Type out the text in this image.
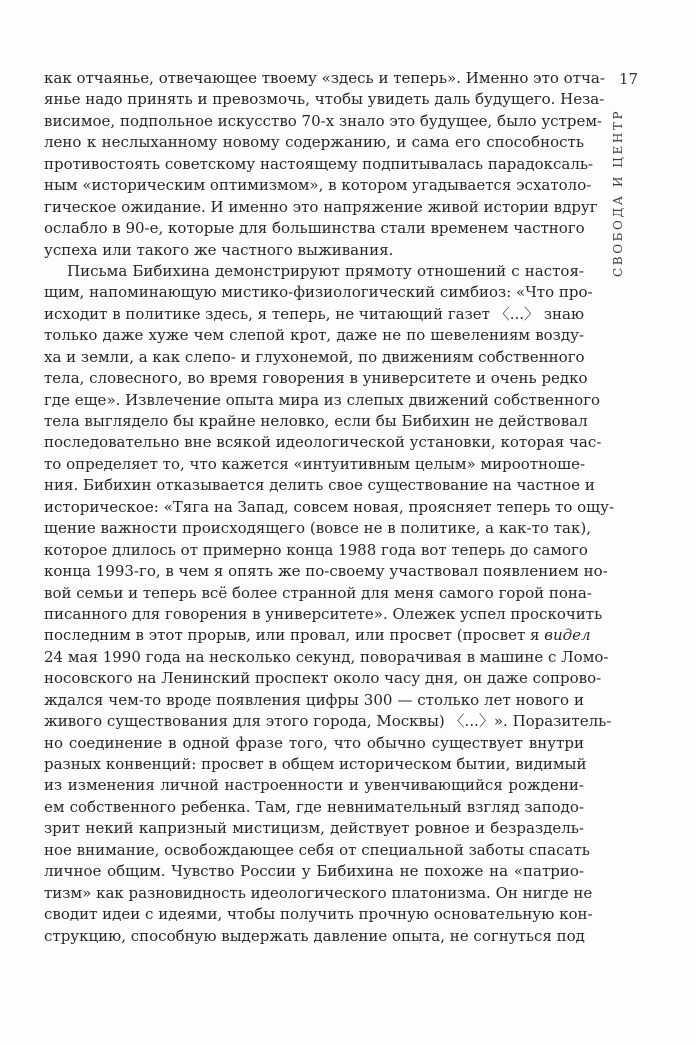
17
СВОБОДА И ЦЕНТР
как отчаянье, отвечающее твоему «здесь и теперь». Именно это отча-
янье надо принять и превозмочь, чтобы увидеть даль будущего. Неза-
висимое, подпольное искусство 70-х знало это будущее, было устрем-
лено к неслыханному новому содержанию, и сама его способность
противостоять советскому настоящему подпитывалась парадоксаль-
ным «историческим оптимизмом», в котором угадывается эсхатоло-
гическое ожидание. И именно это напряжение живой истории вдруг
ослабло в 90-е, которые для большинства стали временем частного
успеха или такого же частного выживания.
Письма Бибихина демонстрируют прямоту отношений с настоя-
щим, напоминающую мистико-физиологический симбиоз: «Что про-
исходит в политике здесь, я теперь, не читающий газет 〈...〉 знаю
только даже хуже чем слепой крот, даже не по шевелениям возду-
ха и земли, а как слепо- и глухонемой, по движениям собственного
тела, словесного, во время говорения в университете и очень редко
где еще». Извлечение опыта мира из слепых движений собственного
тела выглядело бы крайне неловко, если бы Бибихин не действовал
последовательно вне всякой идеологической установки, которая час-
то определяет то, что кажется «интуитивным целым» мироотноше-
ния. Бибихин отказывается делить свое существование на частное и
историческое: «Тяга на Запад, совсем новая, проясняет теперь то ощу-
щение важности происходящего (вовсе не в политике, а как-то так),
которое длилось от примерно конца 1988 года вот теперь до самого
конца 1993-го, в чем я опять же по-своему участвовал появлением но-
вой семьи и теперь всё более странной для меня самого горой пона-
писанного для говорения в университете». Олежек успел проскочить
последним в этот прорыв, или провал, или просвет (просвет я видел
24 мая 1990 года на несколько секунд, поворачивая в машине с Ломо-
носовского на Ленинский проспект около часу дня, он даже сопрово-
ждался чем-то вроде появления цифры 300 — столько лет нового и
живого существования для этого города, Москвы) 〈...〉». Поразитель-
но соединение в одной фразе того, что обычно существует внутри
разных конвенций: просвет в общем историческом бытии, видимый
из изменения личной настроенности и увенчивающийся рождени-
ем собственного ребенка. Там, где невнимательный взгляд заподо-
зрит некий капризный мистицизм, действует ровное и безраздель-
ное внимание, освобождающее себя от специальной заботы спасать
личное общим. Чувство России у Бибихина не похоже на «патрио-
тизм» как разновидность идеологического платонизма. Он нигде не
сводит идеи с идеями, чтобы получить прочную основательную кон-
струкцию, способную выдержать давление опыта, не согнуться под
